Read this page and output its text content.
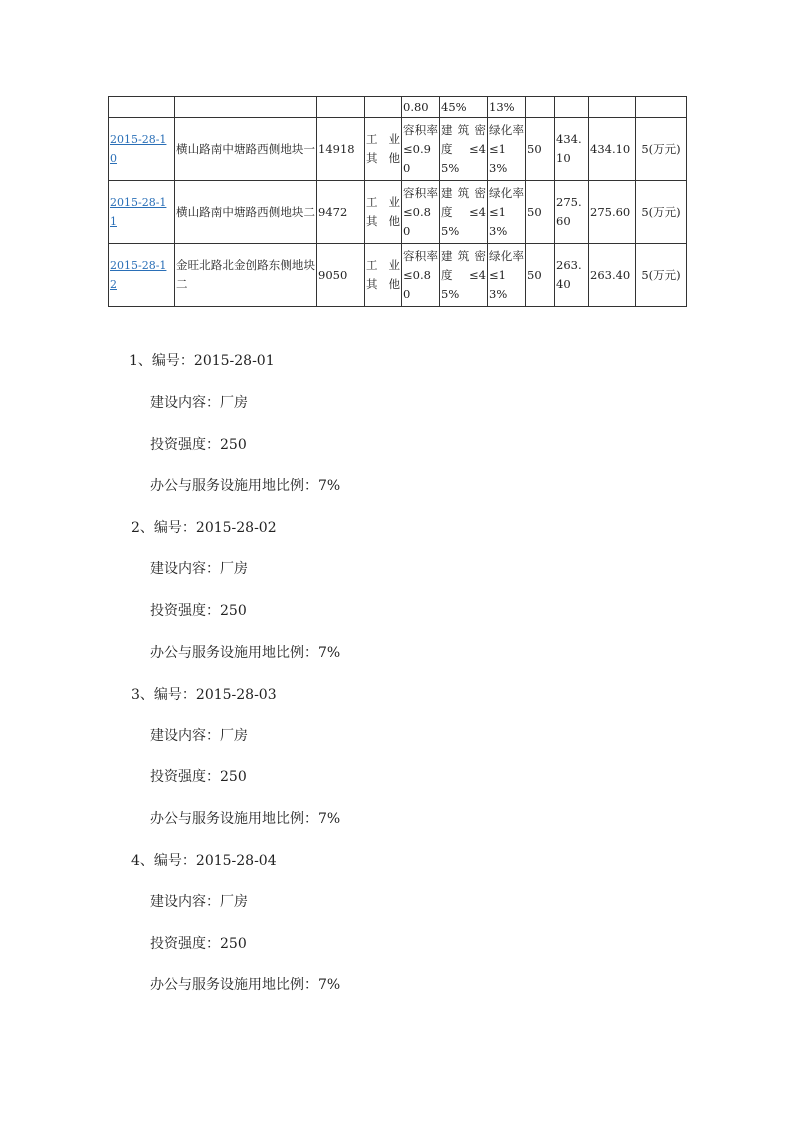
				0.80	45%	13%				
2015-28-10	横山路南中塘路西侧地块一	14918	工业其他	容积率≤0.90	建筑密度≤45%	绿化率≤13%	50	434.10	434.10	5(万元)
2015-28-11	横山路南中塘路西侧地块二	9472	工业其他	容积率≤0.80	建筑密度≤45%	绿化率≤13%	50	275.60	275.60	5(万元)
2015-28-12	金旺北路北金创路东侧地块二	9050	工业其他	容积率≤0.80	建筑密度≤45%	绿化率≤13%	50	263.40	263.40	5(万元)
1、编号：2015-28-01
建设内容：厂房
投资强度：250
办公与服务设施用地比例：7%
2、编号：2015-28-02
建设内容：厂房
投资强度：250
办公与服务设施用地比例：7%
3、编号：2015-28-03
建设内容：厂房
投资强度：250
办公与服务设施用地比例：7%
4、编号：2015-28-04
建设内容：厂房
投资强度：250
办公与服务设施用地比例：7%
